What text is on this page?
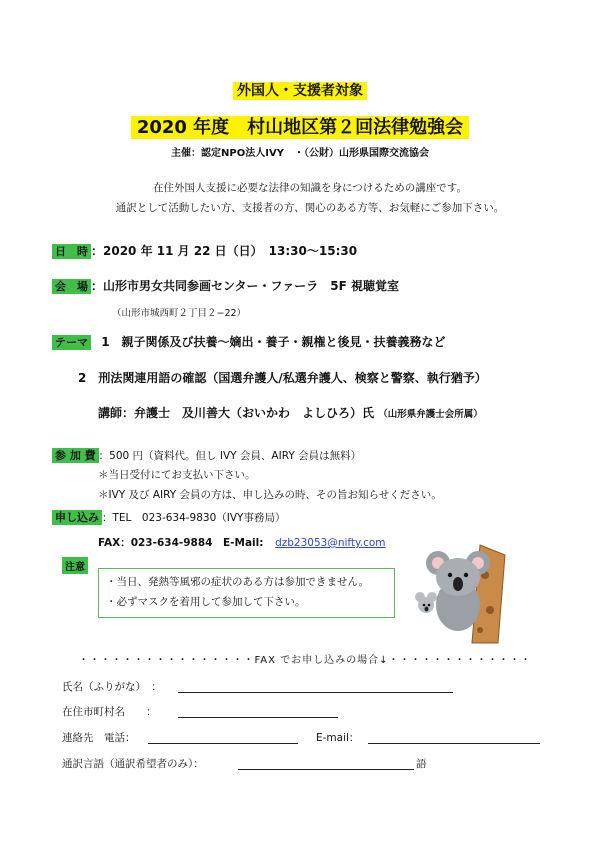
外国人・支援者対象
2020 年度　村山地区第２回法律勉強会
主催：認定NPO法人IVY　・（公財）山形県国際交流協会
在住外国人支援に必要な法律の知識を身につけるための講座です。
通訳として活動したい方、支援者の方、関心のある方等、お気軽にご参加下さい。
日　時 ：2020 年 11 月 22 日（日）　13:30～15:30
会　場 ：山形市男女共同参画センター・ファーラ　5F 視聴覚室
（山形市城西町２丁目２−22）
テーマ 1　親子関係及び扶養～嫡出・養子・親権と後見・扶養義務など
2　刑法関連用語の確認（国選弁護人/私選弁護人、検察と警察、執行猶予）
講師：弁護士　及川善大（おいかわ　よしひろ）氏 （山形県弁護士会所属）
参 加 費 ：500 円（資料代。但し IVY 会員、AIRY 会員は無料）
＊当日受付にてお支払い下さい。
＊IVY 及び AIRY 会員の方は、申し込みの時、その旨お知らせください。
申し込み ：TEL　023-634-9830（IVY事務局）
FAX：023-634-9884　E-Mail: dzb23053@nifty.com
注意
・当日、発熱等風邪の症状のある方は参加できません。
・必ずマスクを着用して参加して下さい。
・・・・・・・・・・・・・・・・FAX でお申し込みの場合↓・・・・・・・・・・・・・
氏名（ふりがな）　：
在住市町村名　　：
連絡先　電話：	E-mail：
通訳言語（通訳希望者のみ）：	語
